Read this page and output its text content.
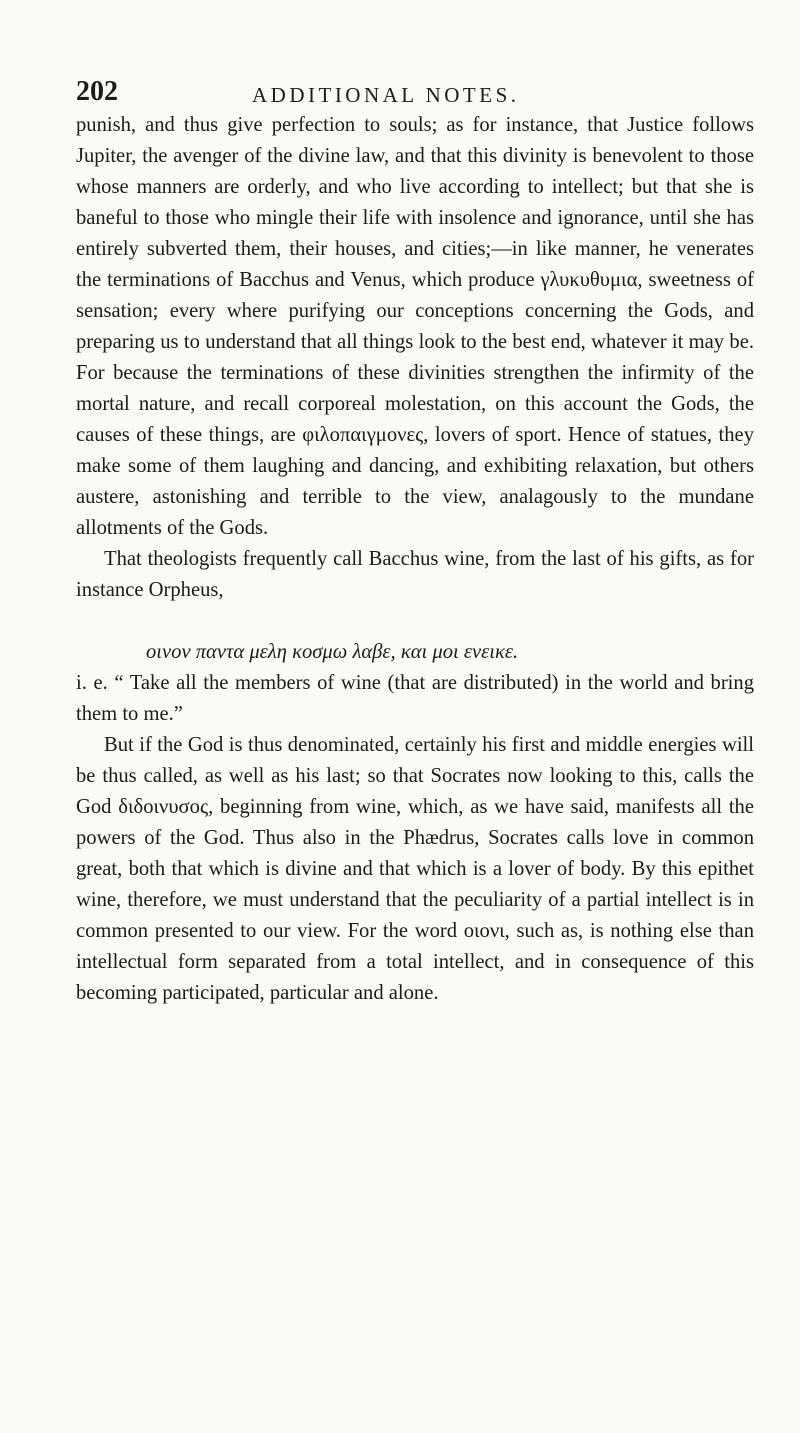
202	ADDITIONAL NOTES.

punish, and thus give perfection to souls; as for instance, that Justice follows Jupiter, the avenger of the divine law, and that this divinity is benevolent to those whose manners are orderly, and who live according to intellect; but that she is baneful to those who mingle their life with insolence and ignorance, until she has entirely subverted them, their houses, and cities;—in like manner, he venerates the terminations of Bacchus and Venus, which produce γλυκυθυμια, sweetness of sensation; every where purifying our conceptions concerning the Gods, and preparing us to understand that all things look to the best end, whatever it may be. For because the terminations of these divinities strengthen the infirmity of the mortal nature, and recall corporeal molestation, on this account the Gods, the causes of these things, are φιλοπαιγμονες, lovers of sport. Hence of statues, they make some of them laughing and dancing, and exhibiting relaxation, but others austere, astonishing and terrible to the view, analagously to the mundane allotments of the Gods.

That theologists frequently call Bacchus wine, from the last of his gifts, as for instance Orpheus,

οινον παντα μελη κοσμω λαβε, και μοι ενεικε.

i. e. “ Take all the members of wine (that are distributed) in the world and bring them to me.”

But if the God is thus denominated, certainly his first and middle energies will be thus called, as well as his last; so that Socrates now looking to this, calls the God διδοινυσος, beginning from wine, which, as we have said, manifests all the powers of the God. Thus also in the Phædrus, Socrates calls love in common great, both that which is divine and that which is a lover of body. By this epithet wine, therefore, we must understand that the peculiarity of a partial intellect is in common presented to our view. For the word οιονι, such as, is nothing else than intellectual form separated from a total intellect, and in consequence of this becoming participated, particular and alone.
